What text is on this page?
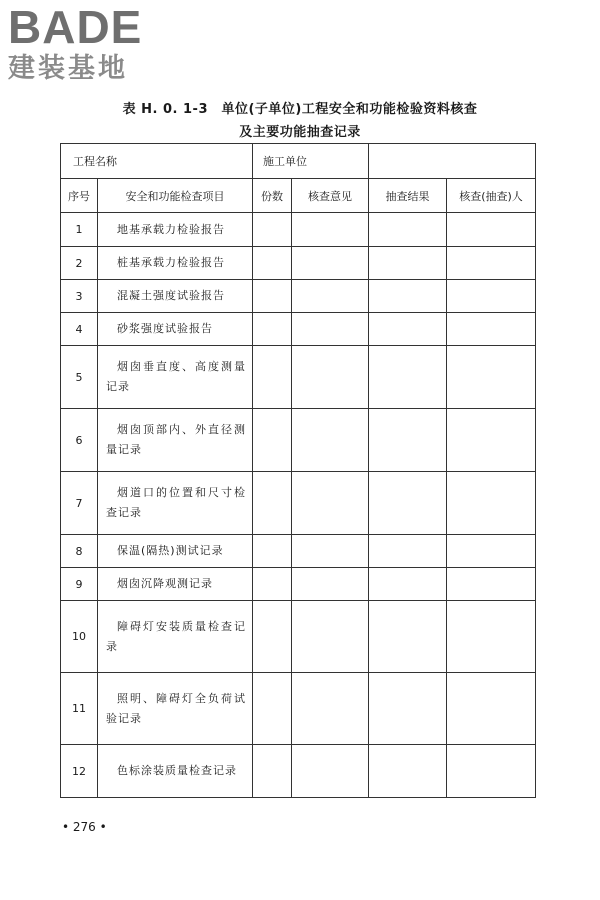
BADE
建装基地
表 H. 0. 1-3　单位(子单位)工程安全和功能检验资料核查
及主要功能抽查记录
工程名称		施工单位			
序号	安全和功能检查项目	份数	核查意见	抽查结果	核查(抽查)人
1	地基承载力检验报告				

2	桩基承载力检验报告				

3	混凝土强度试验报告				

4	砂浆强度试验报告				

5	烟囱垂直度、高度测量记录				

6	烟囱顶部内、外直径测量记录				

7	烟道口的位置和尺寸检查记录				

8	保温(隔热)测试记录				

9	烟囱沉降观测记录				

10	障碍灯安装质量检查记录				

11	照明、障碍灯全负荷试验记录				

12	色标涂装质量检查记录				

• 276 •
